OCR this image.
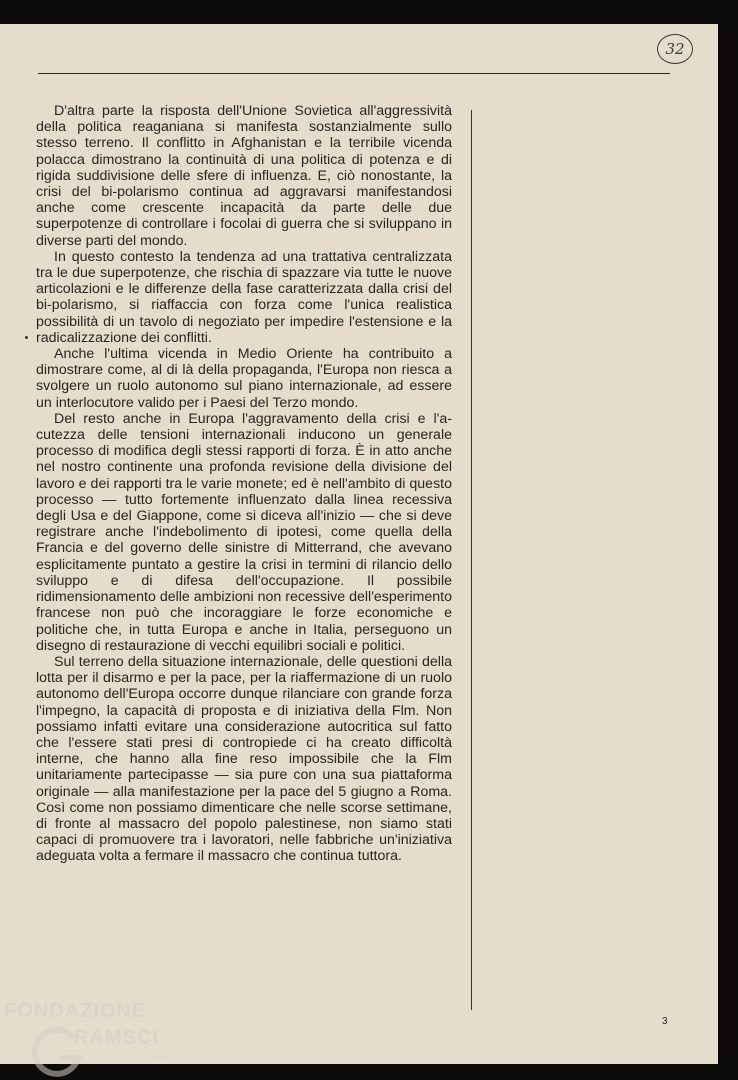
32

D'altra parte la risposta dell'Unione Sovietica all'aggressività della politica reaganiana si manifesta sostanzialmente sullo stesso terreno. Il conflitto in Afghanistan e la terribile vicenda polacca dimostrano la continuità di una politica di potenza e di rigida suddivisione delle sfere di influenza. E, ciò nonostante, la crisi del bi-polarismo continua ad aggravarsi manifestandosi anche come crescente incapacità da parte delle due superpotenze di controllare i focolai di guerra che si sviluppano in diverse parti del mondo.

In questo contesto la tendenza ad una trattativa centralizzata tra le due superpotenze, che rischia di spazzare via tutte le nuove articolazioni e le differenze della fase caratterizzata dalla crisi del bi-polarismo, si riaffaccia con forza come l'unica realistica possibilità di un tavolo di negoziato per impedire l'estensione e la radicalizzazione dei conflitti.

Anche l'ultima vicenda in Medio Oriente ha contribuito a dimostrare come, al di là della propaganda, l'Europa non riesca a svolgere un ruolo autonomo sul piano internazionale, ad essere un interlocutore valido per i Paesi del Terzo mondo.

Del resto anche in Europa l'aggravamento della crisi e l'acutezza delle tensioni internazionali inducono un generale processo di modifica degli stessi rapporti di forza. È in atto anche nel nostro continente una profonda revisione della divisione del lavoro e dei rapporti tra le varie monete; ed è nell'ambito di questo processo — tutto fortemente influenzato dalla linea recessiva degli Usa e del Giappone, come si diceva all'inizio — che si deve registrare anche l'indebolimento di ipotesi, come quella della Francia e del governo delle sinistre di Mitterrand, che avevano esplicitamente puntato a gestire la crisi in termini di rilancio dello sviluppo e di difesa dell'occupazione. Il possibile ridimensionamento delle ambizioni non recessive dell'esperimento francese non può che incoraggiare le forze economiche e politiche che, in tutta Europa e anche in Italia, perseguono un disegno di restaurazione di vecchi equilibri sociali e politici.

Sul terreno della situazione internazionale, delle questioni della lotta per il disarmo e per la pace, per la riaffermazione di un ruolo autonomo dell'Europa occorre dunque rilanciare con grande forza l'impegno, la capacità di proposta e di iniziativa della Flm. Non possiamo infatti evitare una considerazione autocritica sul fatto che l'essere stati presi di contropiede ci ha creato difficoltà interne, che hanno alla fine reso impossibile che la Flm unitariamente partecipasse — sia pure con una sua piattaforma originale — alla manifestazione per la pace del 5 giugno a Roma. Così come non possiamo dimenticare che nelle scorse settimane, di fronte al massacro del popolo palestinese, non siamo stati capaci di promuovere tra i lavoratori, nelle fabbriche un'iniziativa adeguata volta a fermare il massacro che continua tuttora.

3
FONDAZIONE
RAMSCI
onlus
